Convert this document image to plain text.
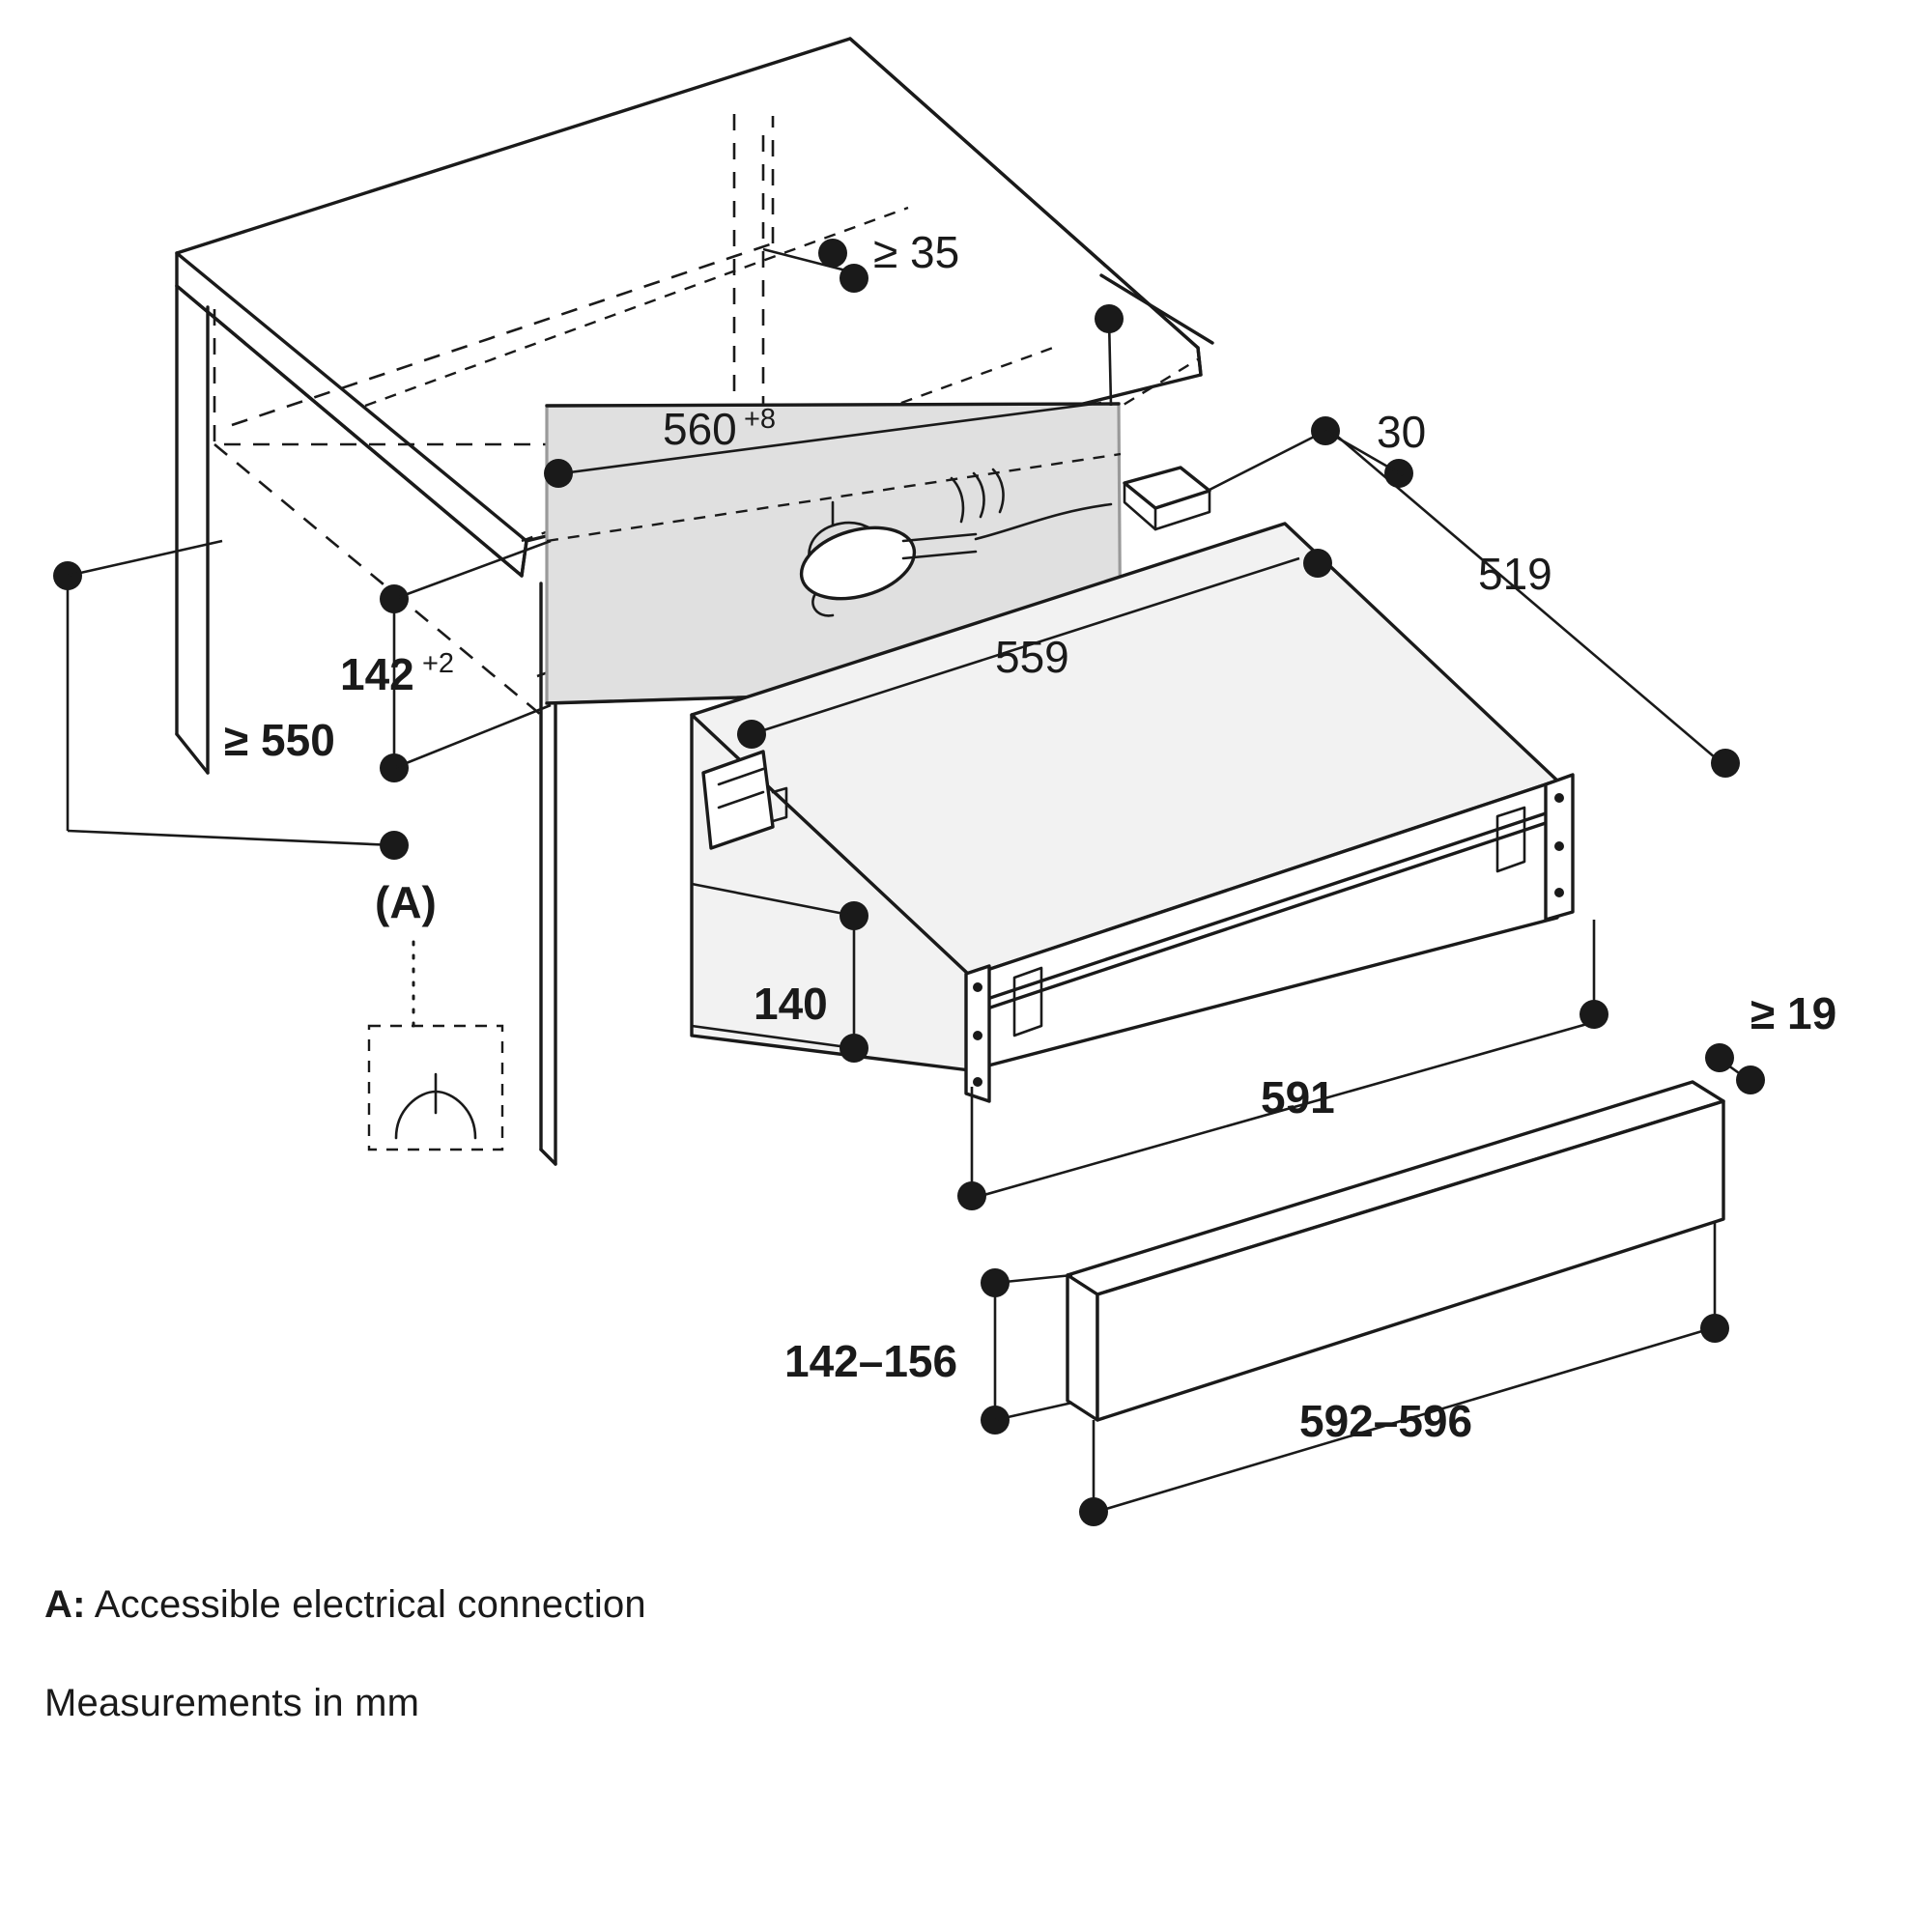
≥ 35
560 +8	30
519
559
142 +2
≥ 550
140
591
≥ 19
142–156
592–596
(A)
A: Accessible electrical connection
Measurements in mm
